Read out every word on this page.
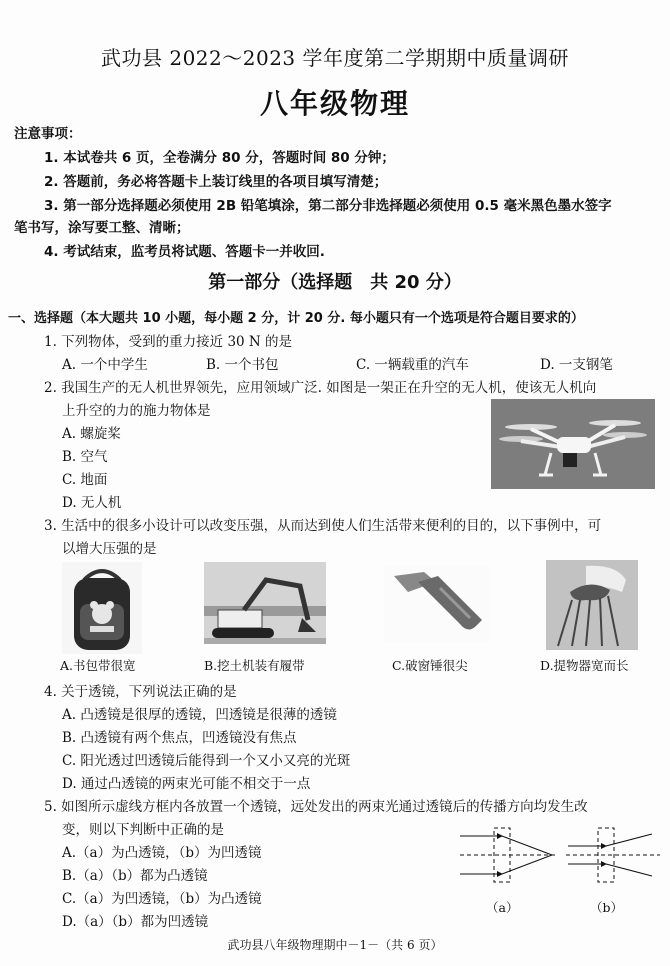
武功县 2022～2023 学年度第二学期期中质量调研
八年级物理
注意事项：
1. 本试卷共 6 页，全卷满分 80 分，答题时间 80 分钟；
2. 答题前，务必将答题卡上装订线里的各项目填写清楚；
3. 第一部分选择题必须使用 2B 铅笔填涂，第二部分非选择题必须使用 0.5 毫米黑色墨水签字
笔书写，涂写要工整、清晰；
4. 考试结束，监考员将试题、答题卡一并收回.
第一部分（选择题　共 20 分）
一、选择题（本大题共 10 小题，每小题 2 分，计 20 分. 每小题只有一个选项是符合题目要求的）
1. 下列物体，受到的重力接近 30 N 的是
A. 一个中学生	B. 一个书包	C. 一辆载重的汽车	D. 一支钢笔
2. 我国生产的无人机世界领先，应用领域广泛. 如图是一架正在升空的无人机，使该无人机向
上升空的力的施力物体是
A. 螺旋桨
B. 空气
C. 地面
D. 无人机
3. 生活中的很多小设计可以改变压强，从而达到使人们生活带来便利的目的，以下事例中，可
以增大压强的是
A.书包带很宽	B.挖土机装有履带	C.破窗锤很尖	D.提物器宽而长
4. 关于透镜，下列说法正确的是
A. 凸透镜是很厚的透镜，凹透镜是很薄的透镜
B. 凸透镜有两个焦点，凹透镜没有焦点
C. 阳光透过凹透镜后能得到一个又小又亮的光斑
D. 通过凸透镜的两束光可能不相交于一点
5. 如图所示虚线方框内各放置一个透镜，远处发出的两束光通过透镜后的传播方向均发生改
变，则以下判断中正确的是
A.（a）为凸透镜，（b）为凹透镜
B.（a）（b）都为凸透镜
C.（a）为凹透镜，（b）为凸透镜
D.（a）（b）都为凹透镜
（a）	（b）
武功县八年级物理期中－1－（共 6 页）
